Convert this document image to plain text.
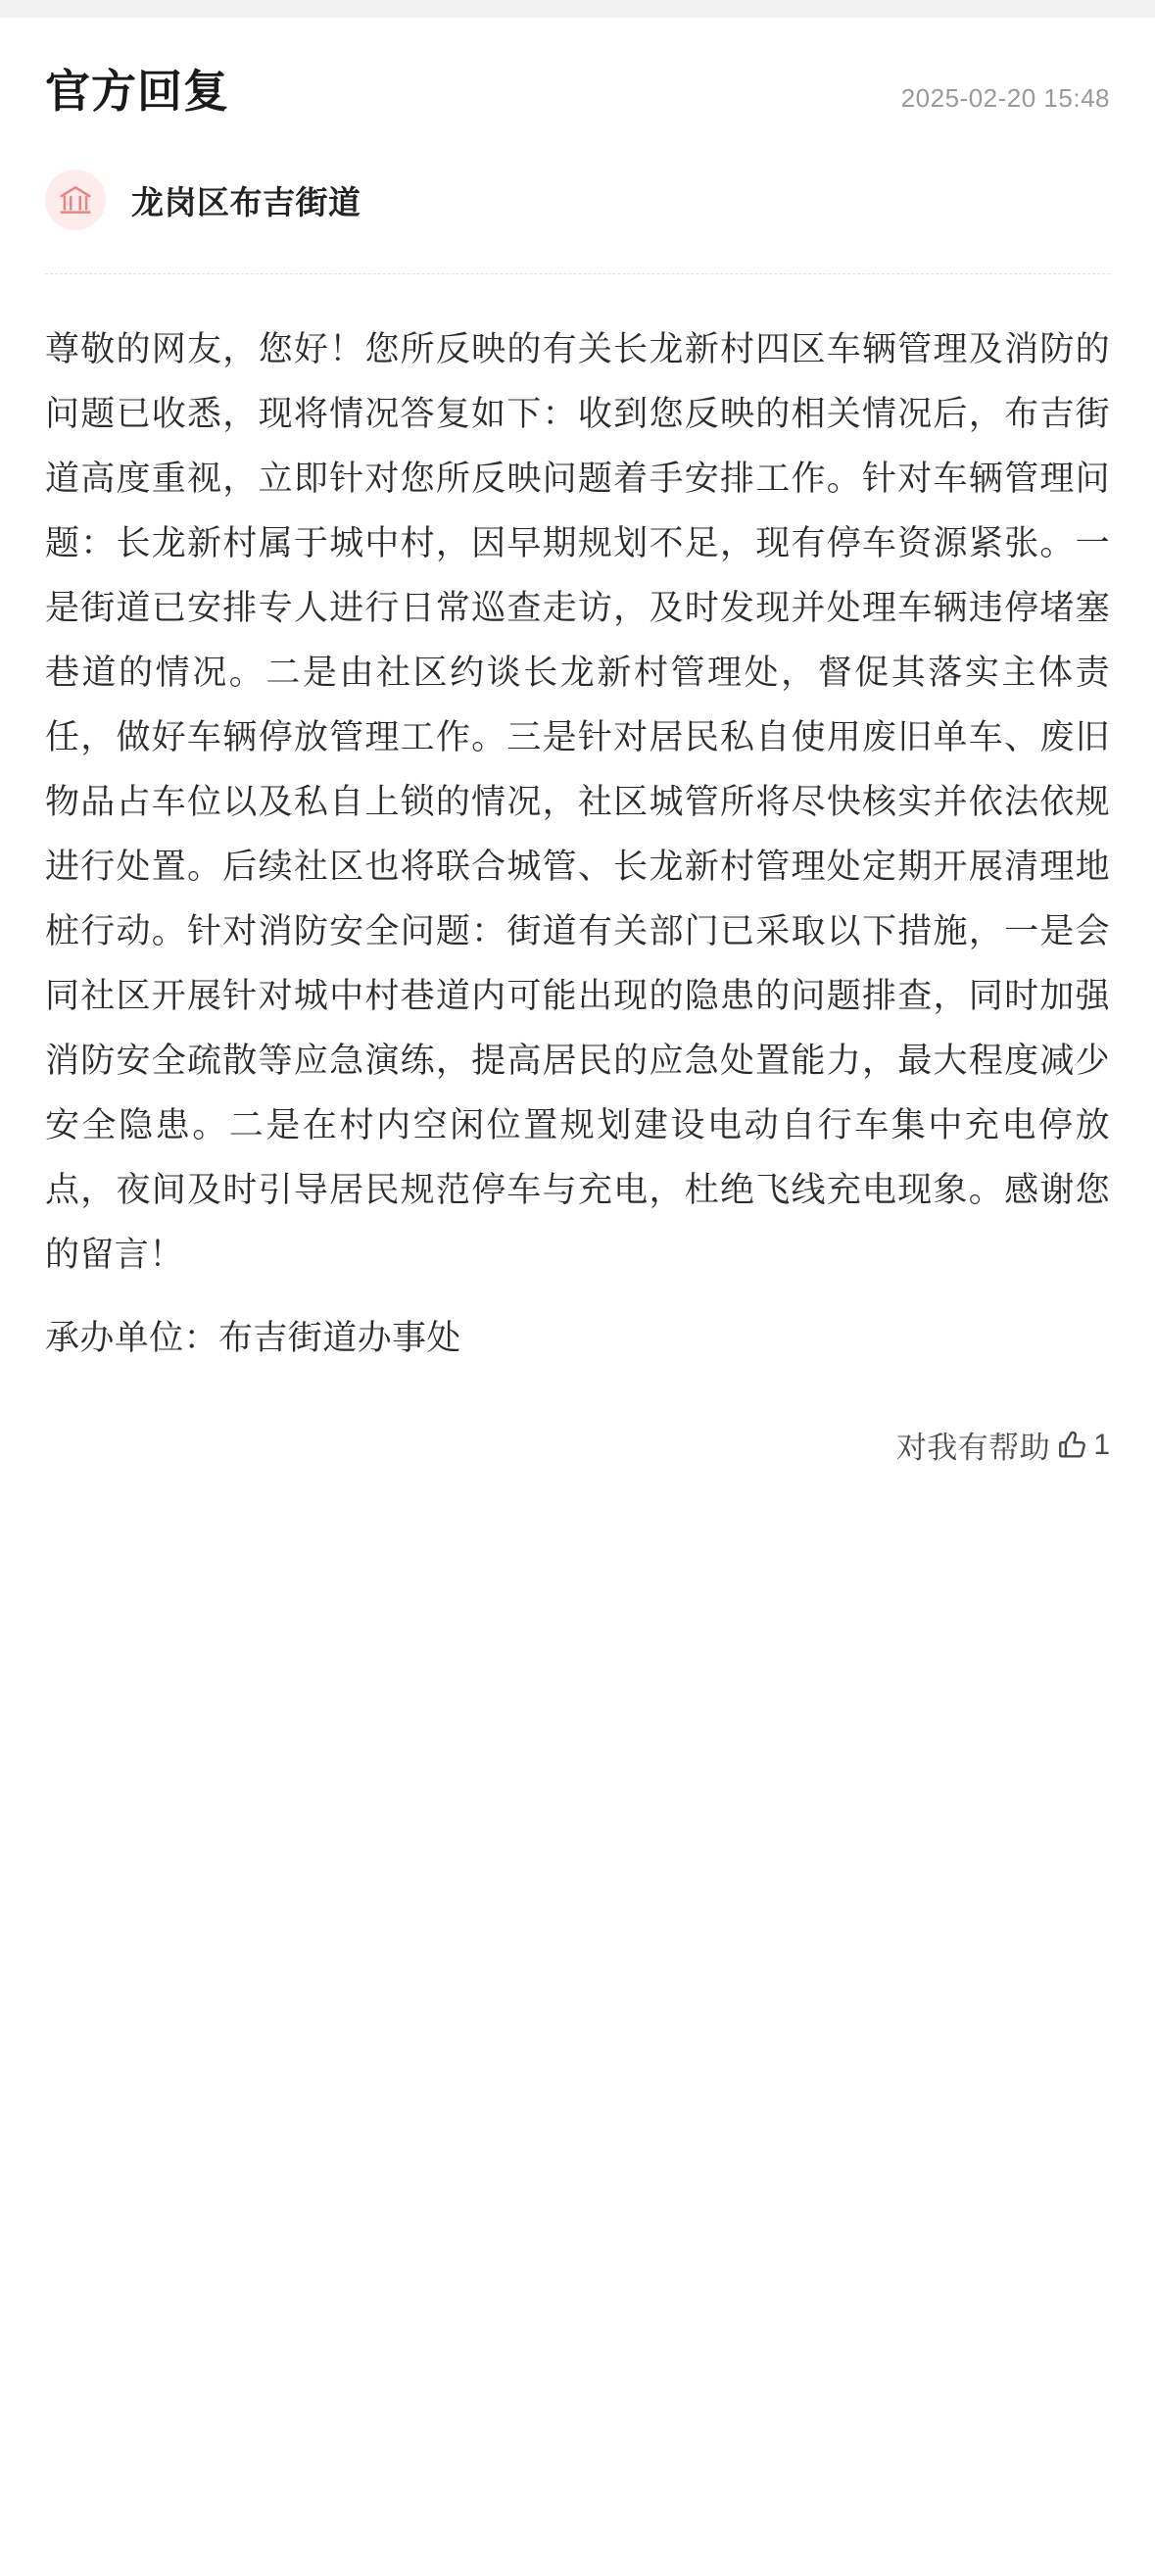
官方回复	2025-02-20 15:48
龙岗区布吉街道
尊敬的网友，您好！您所反映的有关长龙新村四区车辆管理及消防的问题已收悉，现将情况答复如下：收到您反映的相关情况后，布吉街道高度重视，立即针对您所反映问题着手安排工作。针对车辆管理问题：长龙新村属于城中村，因早期规划不足，现有停车资源紧张。一是街道已安排专人进行日常巡查走访，及时发现并处理车辆违停堵塞巷道的情况。二是由社区约谈长龙新村管理处，督促其落实主体责任，做好车辆停放管理工作。三是针对居民私自使用废旧单车、废旧物品占车位以及私自上锁的情况，社区城管所将尽快核实并依法依规进行处置。后续社区也将联合城管、长龙新村管理处定期开展清理地桩行动。针对消防安全问题：街道有关部门已采取以下措施，一是会同社区开展针对城中村巷道内可能出现的隐患的问题排查，同时加强消防安全疏散等应急演练，提高居民的应急处置能力，最大程度减少安全隐患。二是在村内空闲位置规划建设电动自行车集中充电停放点，夜间及时引导居民规范停车与充电，杜绝飞线充电现象。感谢您的留言！
承办单位：布吉街道办事处
对我有帮助 1
